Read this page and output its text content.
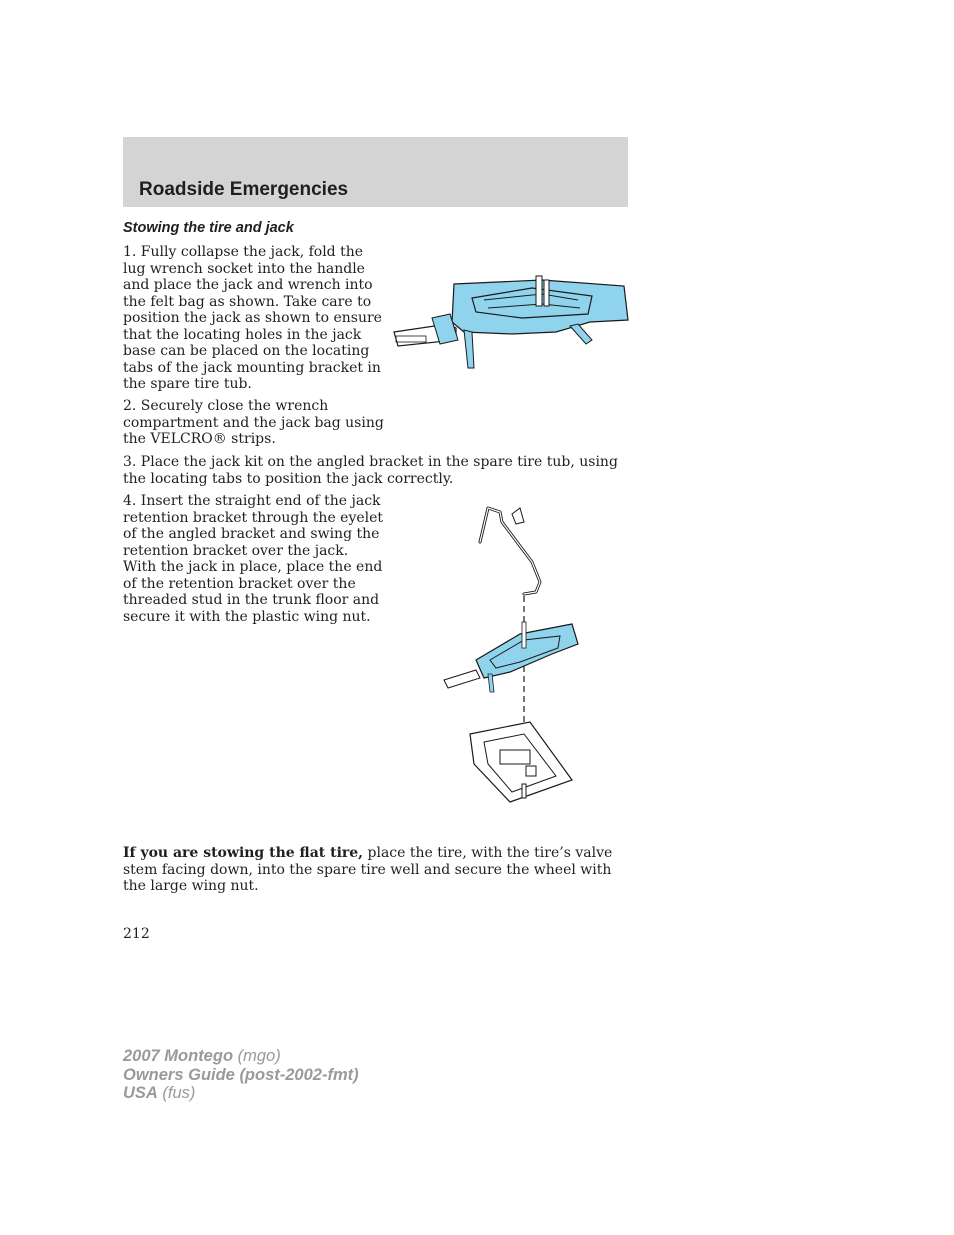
Roadside Emergencies
Stowing the tire and jack

1. Fully collapse the jack, fold the lug wrench socket into the handle and place the jack and wrench into the felt bag as shown. Take care to position the jack as shown to ensure that the locating holes in the jack base can be placed on the locating tabs of the jack mounting bracket in the spare tire tub.

2. Securely close the wrench compartment and the jack bag using the VELCRO® strips.

3. Place the jack kit on the angled bracket in the spare tire tub, using the locating tabs to position the jack correctly.

4. Insert the straight end of the jack retention bracket through the eyelet of the angled bracket and swing the retention bracket over the jack. With the jack in place, place the end of the retention bracket over the threaded stud in the trunk floor and secure it with the plastic wing nut.

If you are stowing the flat tire, place the tire, with the tire’s valve stem facing down, into the spare tire well and secure the wheel with the large wing nut.

212

2007 Montego (mgo)
Owners Guide (post-2002-fmt)
USA (fus)
